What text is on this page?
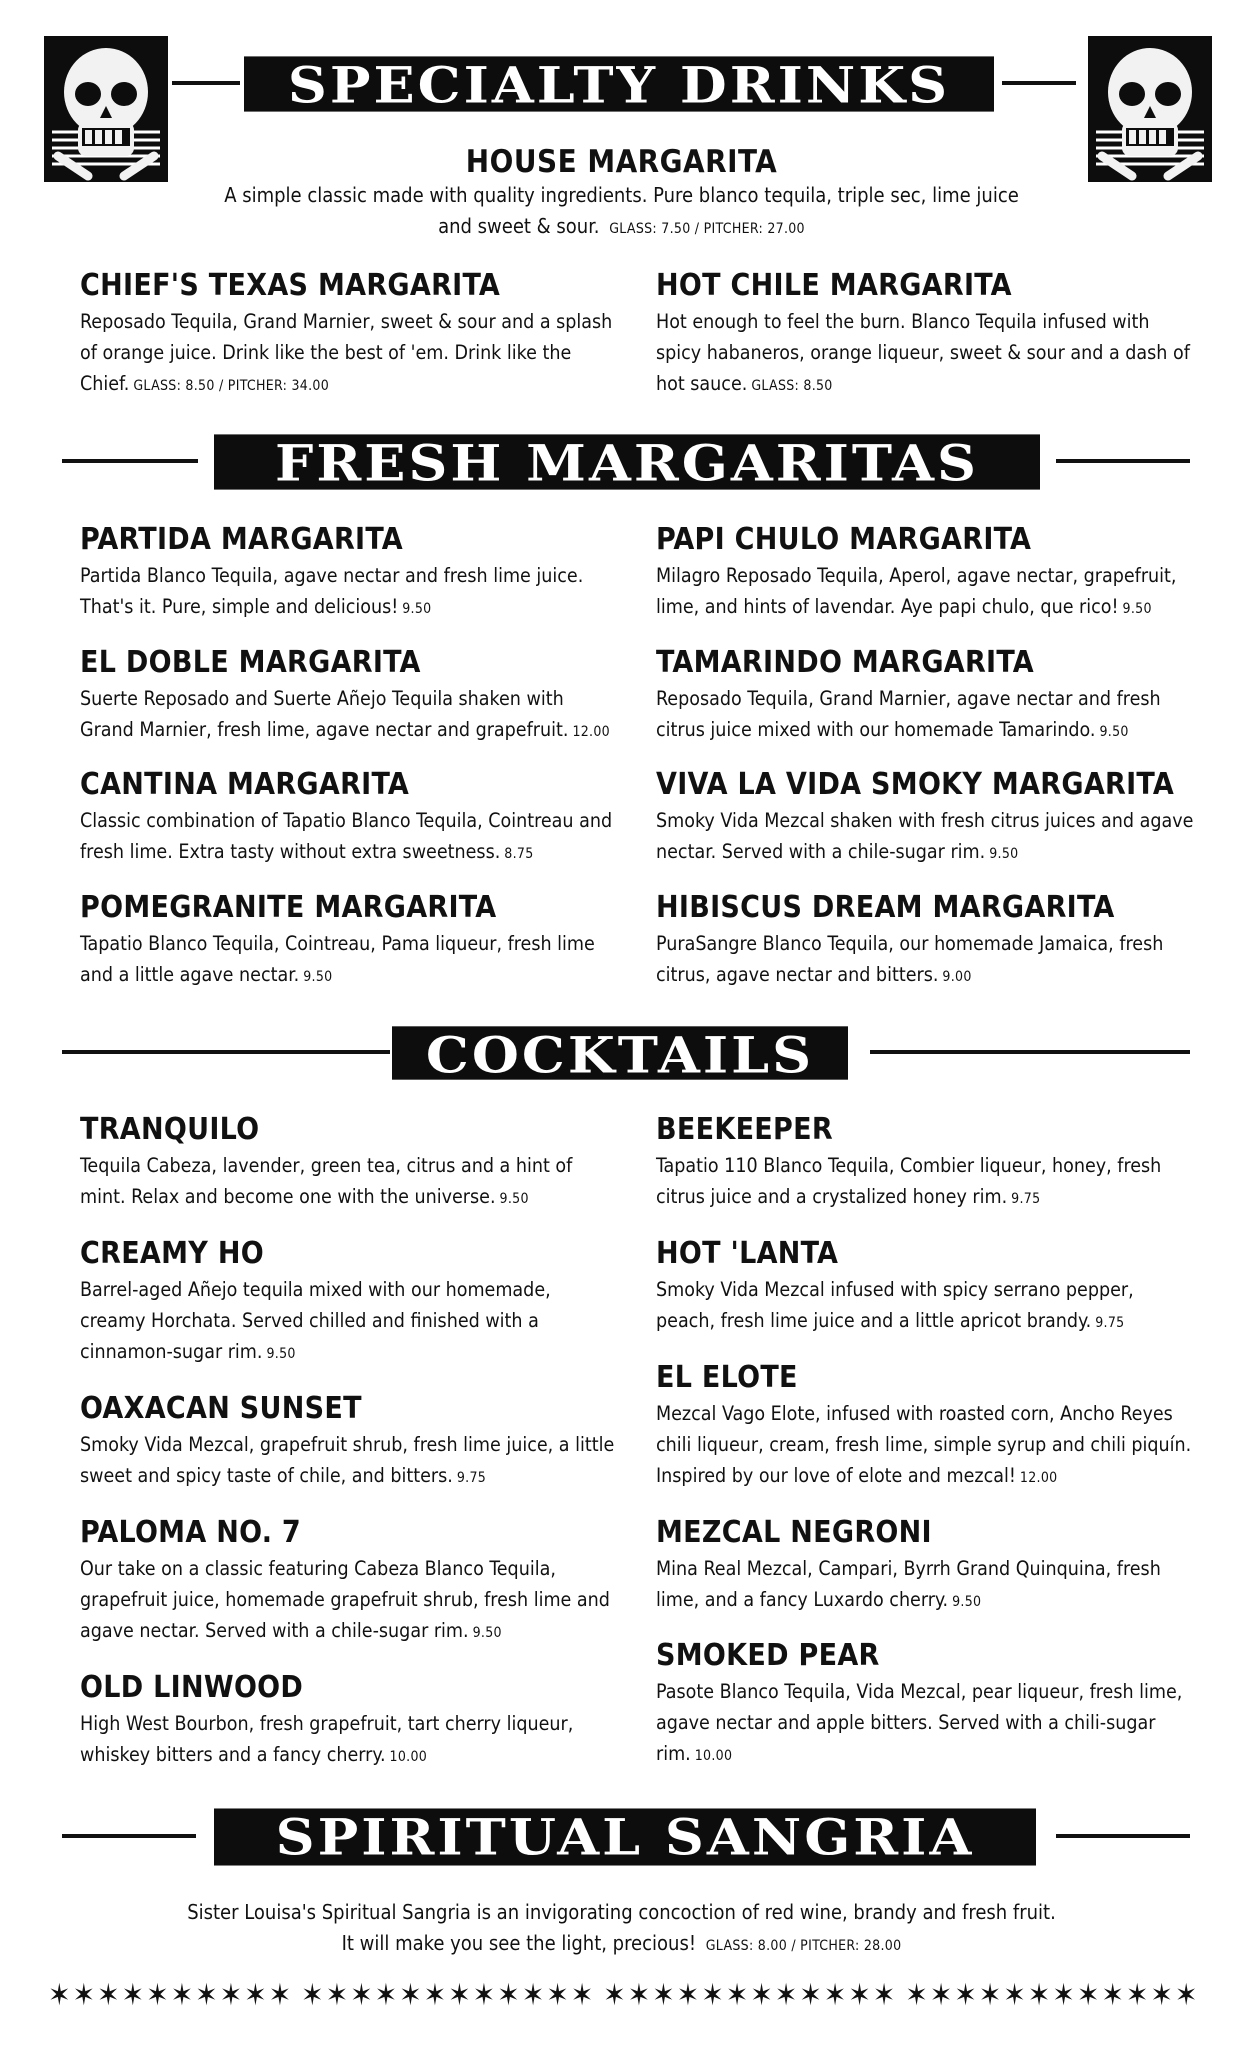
SPECIALTY DRINKS
HOUSE MARGARITA
A simple classic made with quality ingredients. Pure blanco tequila, triple sec, lime juice
and sweet & sour. GLASS: 7.50 / PITCHER: 27.00
CHIEF'S TEXAS MARGARITA
Reposado Tequila, Grand Marnier, sweet & sour and a splash of orange juice. Drink like the best of 'em. Drink like the Chief. GLASS: 8.50 / PITCHER: 34.00
HOT CHILE MARGARITA
Hot enough to feel the burn. Blanco Tequila infused with spicy habaneros, orange liqueur, sweet & sour and a dash of hot sauce. GLASS: 8.50
FRESH MARGARITAS
PARTIDA MARGARITA
Partida Blanco Tequila, agave nectar and fresh lime juice. That's it. Pure, simple and delicious! 9.50
PAPI CHULO MARGARITA
Milagro Reposado Tequila, Aperol, agave nectar, grapefruit, lime, and hints of lavendar. Aye papi chulo, que rico! 9.50
EL DOBLE MARGARITA
Suerte Reposado and Suerte Añejo Tequila shaken with Grand Marnier, fresh lime, agave nectar and grapefruit. 12.00
TAMARINDO MARGARITA
Reposado Tequila, Grand Marnier, agave nectar and fresh citrus juice mixed with our homemade Tamarindo. 9.50
CANTINA MARGARITA
Classic combination of Tapatio Blanco Tequila, Cointreau and fresh lime. Extra tasty without extra sweetness. 8.75
VIVA LA VIDA SMOKY MARGARITA
Smoky Vida Mezcal shaken with fresh citrus juices and agave nectar. Served with a chile-sugar rim. 9.50
POMEGRANITE MARGARITA
Tapatio Blanco Tequila, Cointreau, Pama liqueur, fresh lime and a little agave nectar. 9.50
HIBISCUS DREAM MARGARITA
PuraSangre Blanco Tequila, our homemade Jamaica, fresh citrus, agave nectar and bitters. 9.00
COCKTAILS
TRANQUILO
Tequila Cabeza, lavender, green tea, citrus and a hint of mint. Relax and become one with the universe. 9.50
BEEKEEPER
Tapatio 110 Blanco Tequila, Combier liqueur, honey, fresh citrus juice and a crystalized honey rim. 9.75
CREAMY HO
Barrel-aged Añejo tequila mixed with our homemade, creamy Horchata. Served chilled and finished with a cinnamon-sugar rim. 9.50
HOT 'LANTA
Smoky Vida Mezcal infused with spicy serrano pepper, peach, fresh lime juice and a little apricot brandy. 9.75
EL ELOTE
Mezcal Vago Elote, infused with roasted corn, Ancho Reyes chili liqueur, cream, fresh lime, simple syrup and chili piquín. Inspired by our love of elote and mezcal! 12.00
OAXACAN SUNSET
Smoky Vida Mezcal, grapefruit shrub, fresh lime juice, a little sweet and spicy taste of chile, and bitters. 9.75
PALOMA NO. 7
Our take on a classic featuring Cabeza Blanco Tequila, grapefruit juice, homemade grapefruit shrub, fresh lime and agave nectar. Served with a chile-sugar rim. 9.50
MEZCAL NEGRONI
Mina Real Mezcal, Campari, Byrrh Grand Quinquina, fresh lime, and a fancy Luxardo cherry. 9.50
SMOKED PEAR
Pasote Blanco Tequila, Vida Mezcal, pear liqueur, fresh lime, agave nectar and apple bitters. Served with a chili-sugar rim. 10.00
OLD LINWOOD
High West Bourbon, fresh grapefruit, tart cherry liqueur, whiskey bitters and a fancy cherry. 10.00
SPIRITUAL SANGRIA
Sister Louisa's Spiritual Sangria is an invigorating concoction of red wine, brandy and fresh fruit.
It will make you see the light, precious! GLASS: 8.00 / PITCHER: 28.00
✶ ✶ ✶ ✶ ✶ ✶ ✶ ✶ ✶ ✶ ✶ ✶ ✶ ✶ ✶ ✶ ✶ ✶ ✶ ✶ ✶ ✶ ✶ ✶ ✶ ✶ ✶ ✶ ✶ ✶ ✶ ✶ ✶ ✶ ✶ ✶ ✶ ✶ ✶ ✶ ✶ ✶ ✶ ✶ ✶ ✶
